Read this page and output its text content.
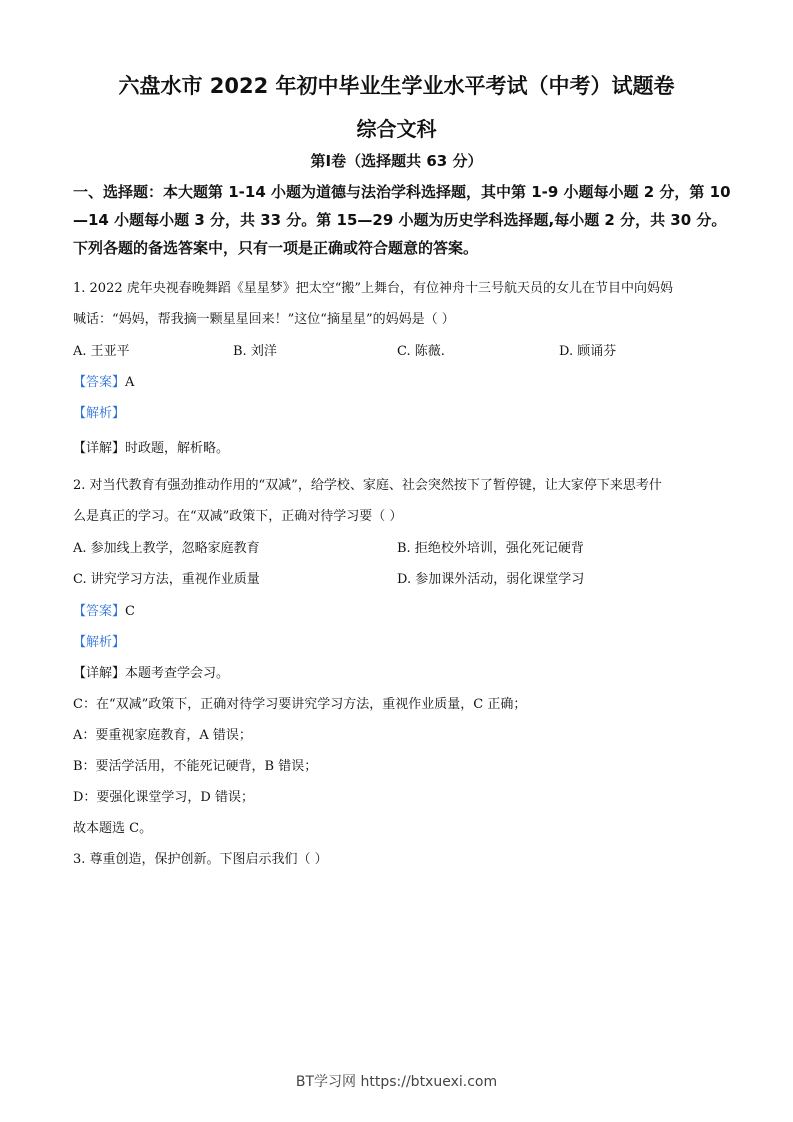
六盘水市 2022 年初中毕业生学业水平考试（中考）试题卷
综合文科
第Ⅰ卷（选择题共 63 分）
一、选择题：本大题第 1-14 小题为道德与法治学科选择题，其中第 1-9 小题每小题 2 分，第 10—14 小题每小题 3 分，共 33 分。第 15—29 小题为历史学科选择题,每小题 2 分，共 30 分。下列各题的备选答案中，只有一项是正确或符合题意的答案。
1. 2022 虎年央视春晚舞蹈《星星梦》把太空“搬”上舞台，有位神舟十三号航天员的女儿在节目中向妈妈
喊话：“妈妈，帮我摘一颗星星回来！”这位“摘星星”的妈妈是（ ）
A. 王亚平	B. 刘洋	C. 陈薇.	D. 顾诵芬
【答案】A
【解析】
【详解】时政题，解析略。
2. 对当代教育有强劲推动作用的“双减”，给学校、家庭、社会突然按下了暂停键，让大家停下来思考什
么是真正的学习。在“双减”政策下，正确对待学习要（ ）
A. 参加线上教学，忽略家庭教育	B. 拒绝校外培训，强化死记硬背
C. 讲究学习方法，重视作业质量	D. 参加课外活动，弱化课堂学习
【答案】C
【解析】
【详解】本题考查学会习。
C：在“双减”政策下，正确对待学习要讲究学习方法，重视作业质量，C 正确；
A：要重视家庭教育，A 错误；
B：要活学活用，不能死记硬背，B 错误；
D：要强化课堂学习，D 错误；
故本题选 C。
3. 尊重创造，保护创新。下图启示我们（ ）
BT学习网 https://btxuexi.com
